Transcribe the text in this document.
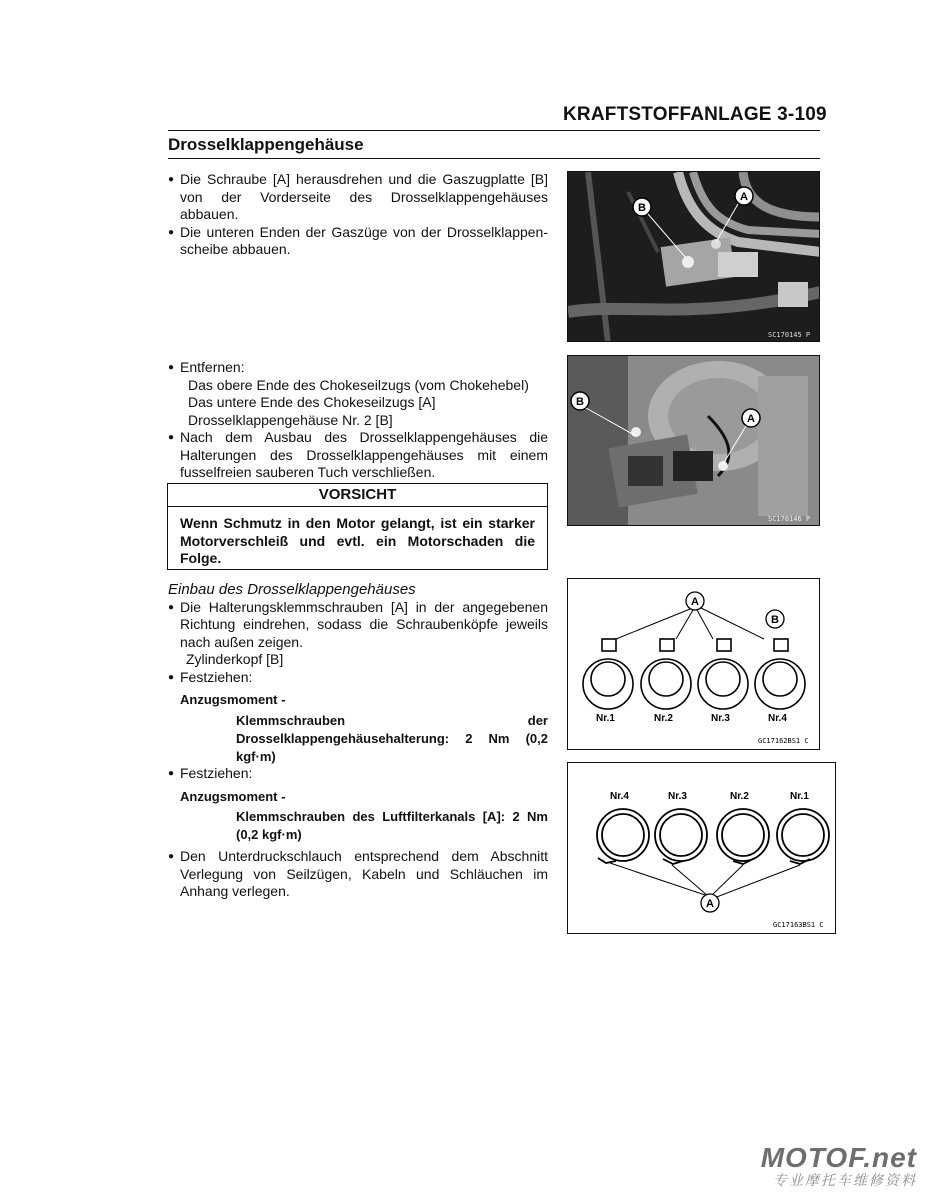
KRAFTSTOFFANLAGE 3-109
Drosselklappengehäuse
● Die Schraube [A] herausdrehen und die Gaszugplatte [B] von der Vorderseite des Drosselklappengehäuses abbauen.
● Die unteren Enden der Gaszüge von der Drosselklappen-scheibe abbauen.
● Entfernen:
Das obere Ende des Chokeseilzugs (vom Chokehebel)
Das untere Ende des Chokeseilzugs [A]
Drosselklappengehäuse Nr. 2 [B]
● Nach dem Ausbau des Drosselklappengehäuses die Halterungen des Drosselklappengehäuses mit einem fusselfreien sauberen Tuch verschließen.
VORSICHT
Wenn Schmutz in den Motor gelangt, ist ein starker Motorverschleiß und evtl. ein Motorschaden die Folge.
Einbau des Drosselklappengehäuses
● Die Halterungsklemmschrauben [A] in der angegebenen Richtung eindrehen, sodass die Schraubenköpfe jeweils nach außen zeigen.
Zylinderkopf [B]
● Festziehen:
Anzugsmoment -
Klemmschrauben der Drosselklappengehäusehalterung: 2 Nm (0,2 kgf·m)
● Festziehen:
Anzugsmoment -
Klemmschrauben des Luftfilterkanals [A]: 2 Nm (0,2 kgf·m)
● Den Unterdruckschlauch entsprechend dem Abschnitt Verlegung von Seilzügen, Kabeln und Schläuchen im Anhang verlegen.
B
A
SC170145 P
B
A
SC170146 P
A
B
Nr.1	Nr.2	Nr.3	Nr.4
GC17162BS1 C
Nr.4	Nr.3	Nr.2	Nr.1
A
GC17163BS1 C
MOTOF.net
专业摩托车维修资料
